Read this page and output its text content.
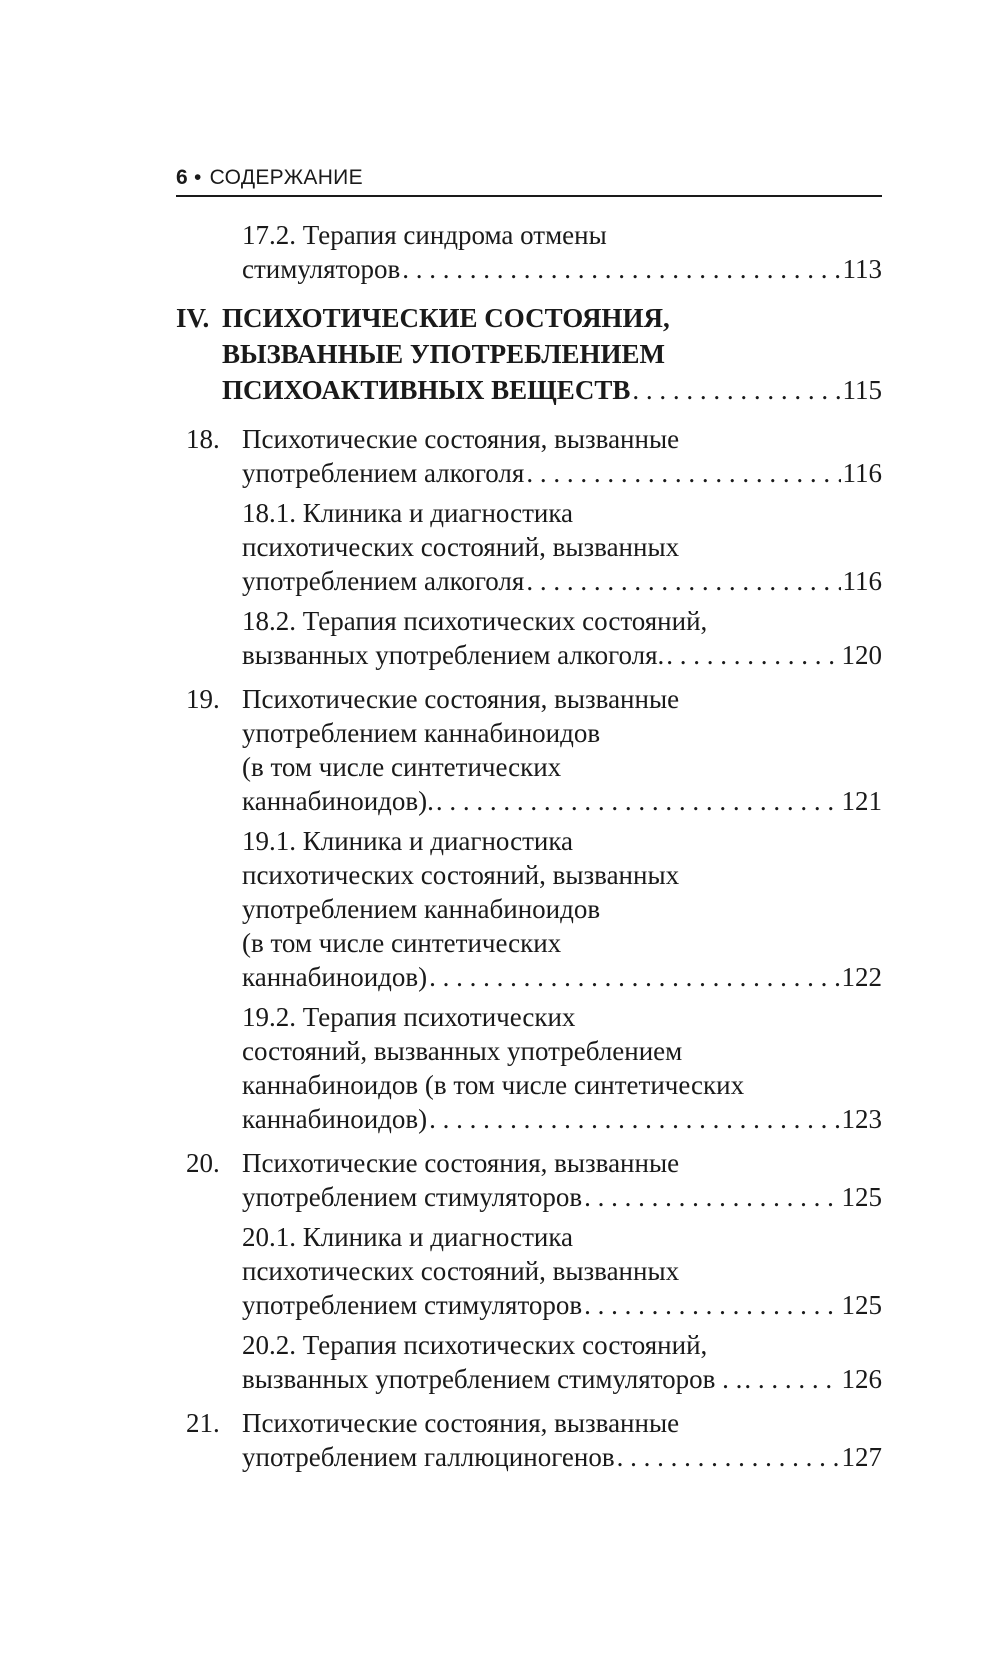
6 • СОДЕРЖАНИЕ
17.2. Терапия синдрома отмены
стимуляторов . . .	113
IV. ПСИХОТИЧЕСКИЕ СОСТОЯНИЯ,
ВЫЗВАННЫЕ УПОТРЕБЛЕНИЕМ
ПСИХОАКТИВНЫХ ВЕЩЕСТВ . . .	115
18. Психотические состояния, вызванные
употреблением алкоголя . . .	116
18.1. Клиника и диагностика
психотических состояний, вызванных
употреблением алкоголя . . .	116
18.2. Терапия психотических состояний,
вызванных употреблением алкоголя. . . .	120
19. Психотические состояния, вызванные
употреблением каннабиноидов
(в том числе синтетических
каннабиноидов). . . .	121
19.1. Клиника и диагностика
психотических состояний, вызванных
употреблением каннабиноидов
(в том числе синтетических
каннабиноидов) . . .	122
19.2. Терапия психотических
состояний, вызванных употреблением
каннабиноидов (в том числе синтетических
каннабиноидов) . . .	123
20. Психотические состояния, вызванные
употреблением стимуляторов . . .	125
20.1. Клиника и диагностика
психотических состояний, вызванных
употреблением стимуляторов . . .	125
20.2. Терапия психотических состояний,
вызванных употреблением стимуляторов . . . . .	126
21. Психотические состояния, вызванные
употреблением галлюциногенов . . .	127
